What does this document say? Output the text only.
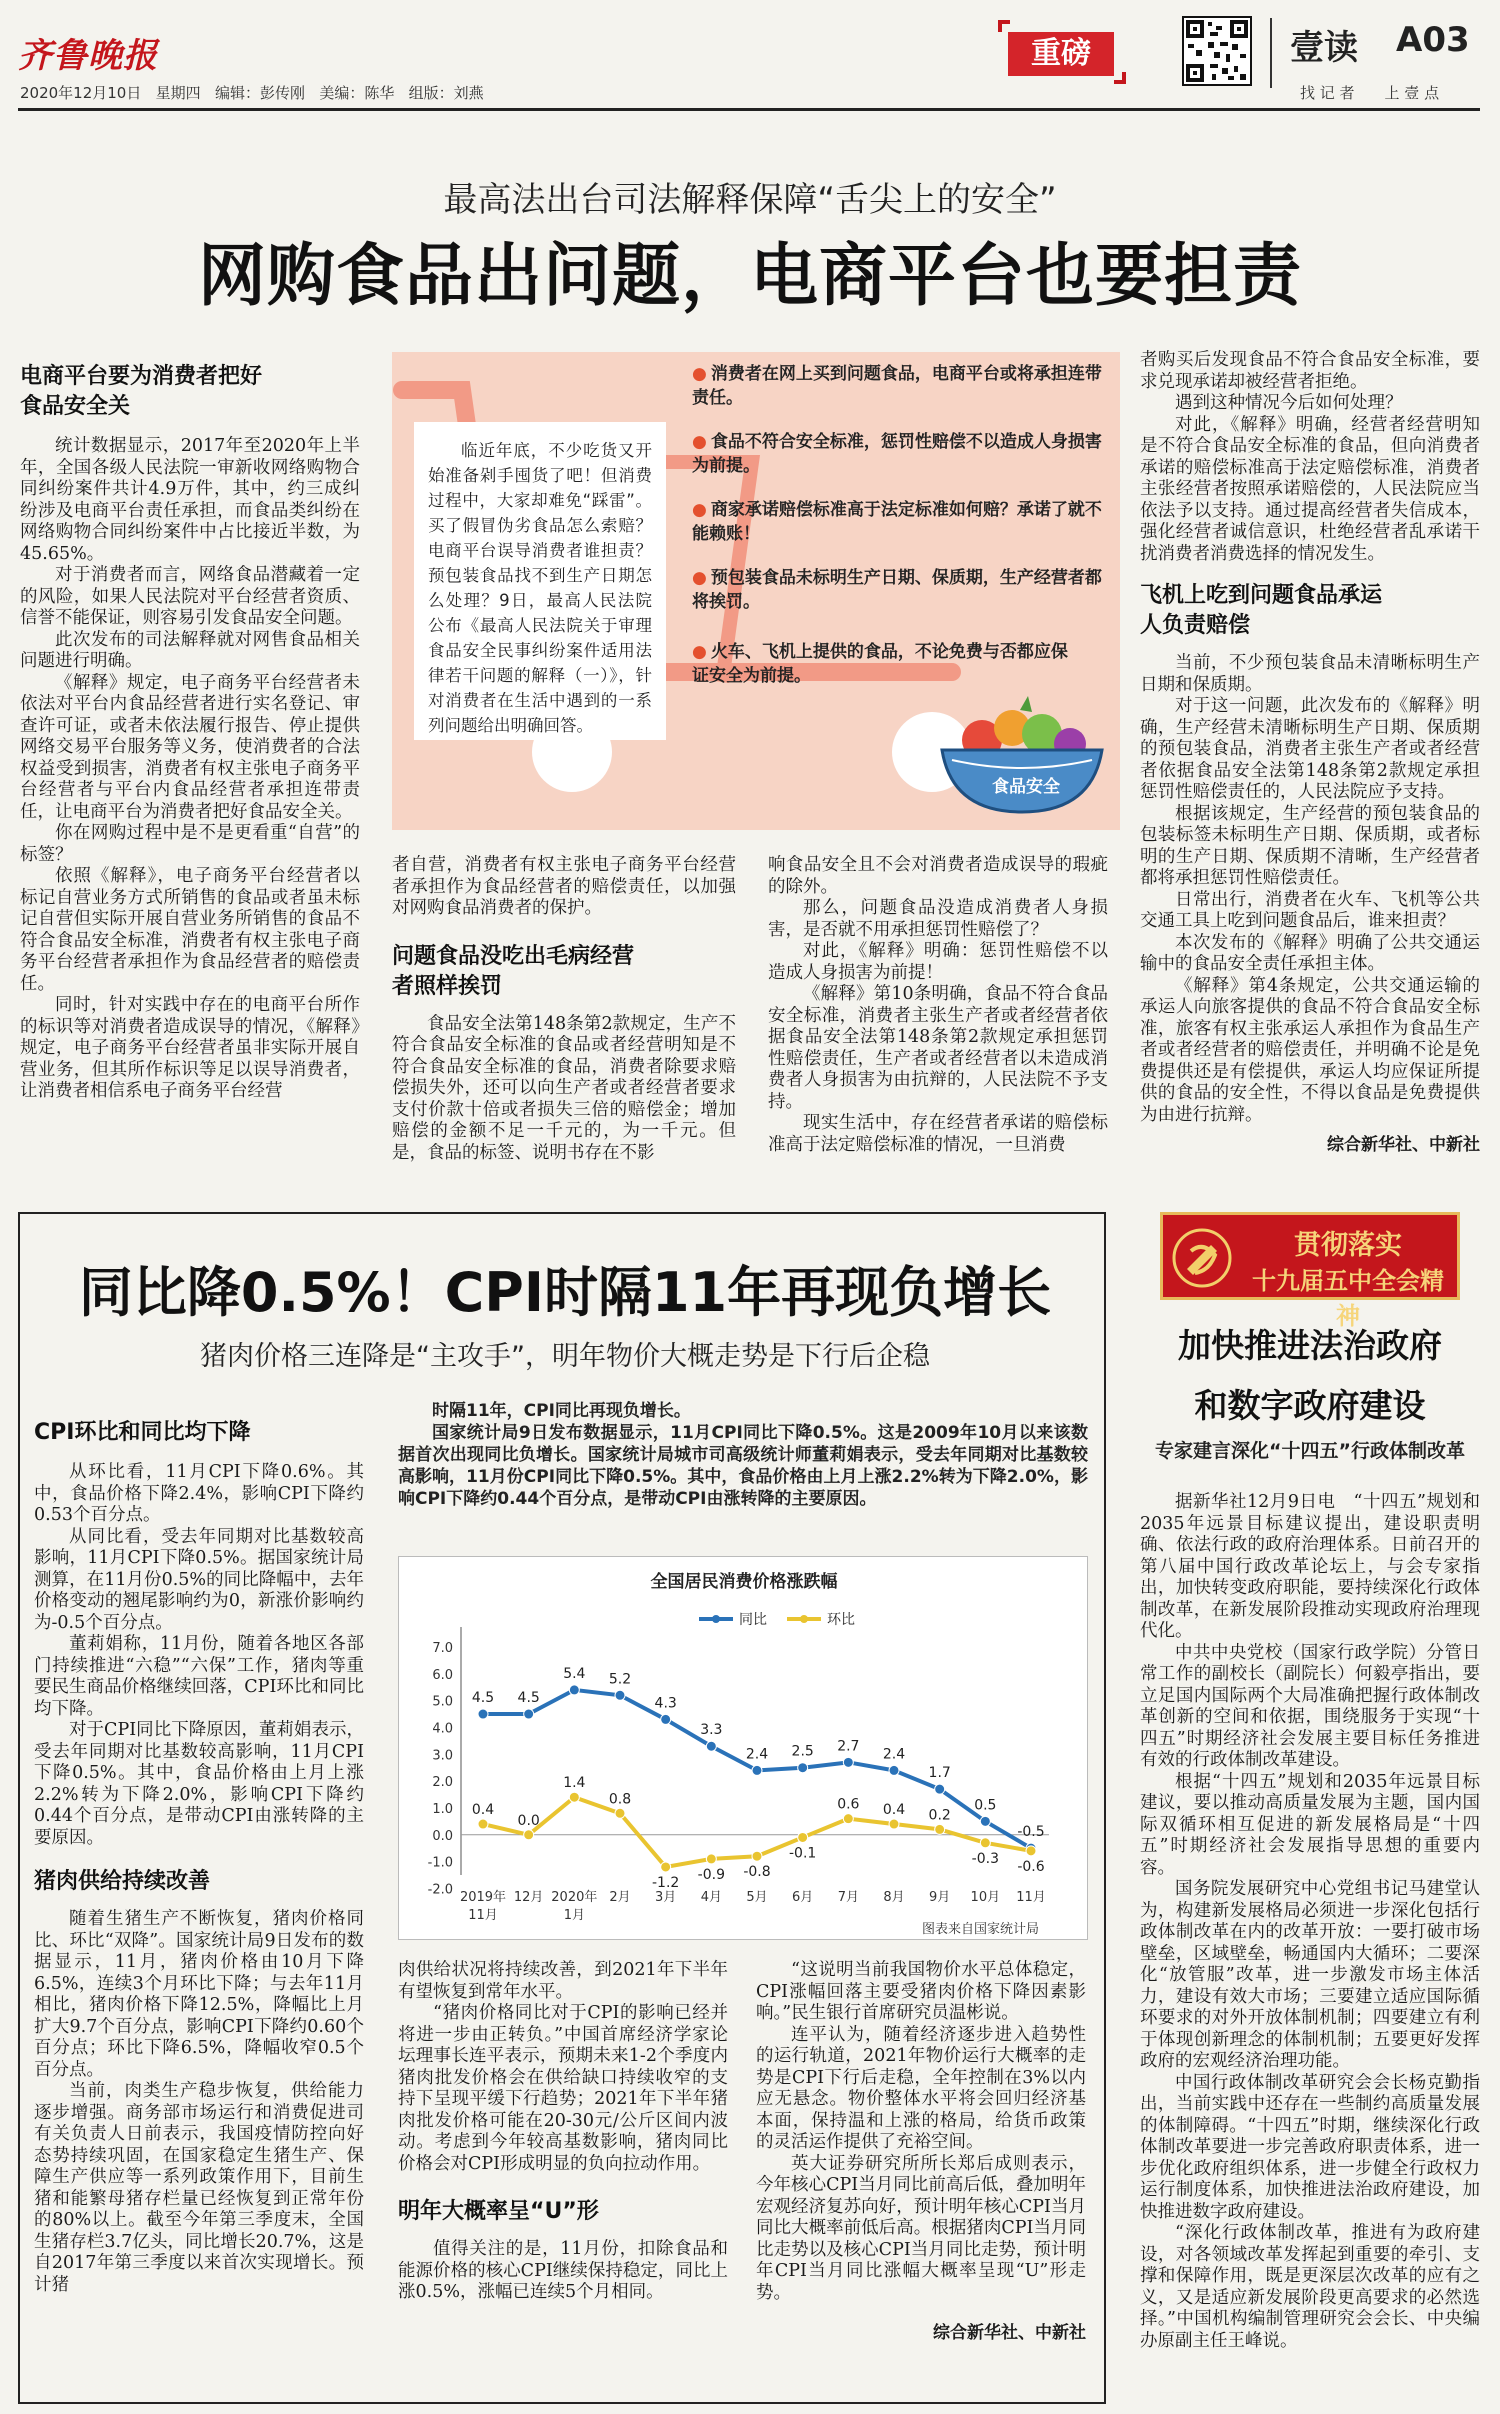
齐鲁晚报
2020年12月10日 星期四 编辑：彭传刚 美编：陈华 组版：刘燕
重磅	壹读 A03
找 记 者　　上 壹 点
最高法出台司法解释保障“舌尖上的安全”
网购食品出问题，电商平台也要担责
电商平台要为消费者把好食品安全关

统计数据显示，2017年至2020年上半年，全国各级人民法院一审新收网络购物合同纠纷案件共计4.9万件，其中，约三成纠纷涉及电商平台责任承担，而食品类纠纷在网络购物合同纠纷案件中占比接近半数，为45.65%。

对于消费者而言，网络食品潜藏着一定的风险，如果人民法院对平台经营者资质、信誉不能保证，则容易引发食品安全问题。

此次发布的司法解释就对网售食品相关问题进行明确。

《解释》规定，电子商务平台经营者未依法对平台内食品经营者进行实名登记、审查许可证，或者未依法履行报告、停止提供网络交易平台服务等义务，使消费者的合法权益受到损害，消费者有权主张电子商务平台经营者与平台内食品经营者承担连带责任，让电商平台为消费者把好食品安全关。

你在网购过程中是不是更看重“自营”的标签？

依照《解释》，电子商务平台经营者以标记自营业务方式所销售的食品或者虽未标记自营但实际开展自营业务所销售的食品不符合食品安全标准，消费者有权主张电子商务平台经营者承担作为食品经营者的赔偿责任。

同时，针对实践中存在的电商平台所作的标识等对消费者造成误导的情况，《解释》规定，电子商务平台经营者虽非实际开展自营业务，但其所作标识等足以误导消费者，让消费者相信系电子商务平台经营

临近年底，不少吃货又开始准备剁手囤货了吧！但消费过程中，大家却难免“踩雷”。买了假冒伪劣食品怎么索赔？电商平台误导消费者谁担责？预包装食品找不到生产日期怎么处理？9日，最高人民法院公布《最高人民法院关于审理食品安全民事纠纷案件适用法律若干问题的解释（一）》，针对消费者在生活中遇到的一系列问题给出明确回答。
● 消费者在网上买到问题食品，电商平台或将承担连带责任。
● 食品不符合安全标准，惩罚性赔偿不以造成人身损害为前提。
● 商家承诺赔偿标准高于法定标准如何赔？承诺了就不能赖账！
● 预包装食品未标明生产日期、保质期，生产经营者都将挨罚。
● 火车、飞机上提供的食品，不论免费与否都应保证安全为前提。
食品安全

者自营，消费者有权主张电子商务平台经营者承担作为食品经营者的赔偿责任，以加强对网购食品消费者的保护。

问题食品没吃出毛病经营者照样挨罚

食品安全法第148条第2款规定，生产不符合食品安全标准的食品或者经营明知是不符合食品安全标准的食品，消费者除要求赔偿损失外，还可以向生产者或者经营者要求支付价款十倍或者损失三倍的赔偿金；增加赔偿的金额不足一千元的，为一千元。但是，食品的标签、说明书存在不影

响食品安全且不会对消费者造成误导的瑕疵的除外。

那么，问题食品没造成消费者人身损害，是否就不用承担惩罚性赔偿了？

对此，《解释》明确：惩罚性赔偿不以造成人身损害为前提！

《解释》第10条明确，食品不符合食品安全标准，消费者主张生产者或者经营者依据食品安全法第148条第2款规定承担惩罚性赔偿责任，生产者或者经营者以未造成消费者人身损害为由抗辩的，人民法院不予支持。

现实生活中，存在经营者承诺的赔偿标准高于法定赔偿标准的情况，一旦消费

者购买后发现食品不符合食品安全标准，要求兑现承诺却被经营者拒绝。

遇到这种情况今后如何处理？

对此，《解释》明确，经营者经营明知是不符合食品安全标准的食品，但向消费者承诺的赔偿标准高于法定赔偿标准，消费者主张经营者按照承诺赔偿的，人民法院应当依法予以支持。通过提高经营者失信成本，强化经营者诚信意识，杜绝经营者乱承诺干扰消费者消费选择的情况发生。

飞机上吃到问题食品承运人负责赔偿

当前，不少预包装食品未清晰标明生产日期和保质期。

对于这一问题，此次发布的《解释》明确，生产经营未清晰标明生产日期、保质期的预包装食品，消费者主张生产者或者经营者依据食品安全法第148条第2款规定承担惩罚性赔偿责任的，人民法院应予支持。

根据该规定，生产经营的预包装食品的包装标签未标明生产日期、保质期，或者标明的生产日期、保质期不清晰，生产经营者都将承担惩罚性赔偿责任。

日常出行，消费者在火车、飞机等公共交通工具上吃到问题食品后，谁来担责？

本次发布的《解释》明确了公共交通运输中的食品安全责任承担主体。

《解释》第4条规定，公共交通运输的承运人向旅客提供的食品不符合食品安全标准，旅客有权主张承运人承担作为食品生产者或者经营者的赔偿责任，并明确不论是免费提供还是有偿提供，承运人均应保证所提供的食品的安全性，不得以食品是免费提供为由进行抗辩。

综合新华社、中新社
同比降0.5%！CPI时隔11年再现负增长
猪肉价格三连降是“主攻手”，明年物价大概走势是下行后企稳
CPI环比和同比均下降

从环比看，11月CPI下降0.6%。其中，食品价格下降2.4%，影响CPI下降约0.53个百分点。

从同比看，受去年同期对比基数较高影响，11月CPI下降0.5%。据国家统计局测算，在11月份0.5%的同比降幅中，去年价格变动的翘尾影响约为0，新涨价影响约为-0.5个百分点。

董莉娟称，11月份，随着各地区各部门持续推进“六稳”“六保”工作，猪肉等重要民生商品价格继续回落，CPI环比和同比均下降。

对于CPI同比下降原因，董莉娟表示，受去年同期对比基数较高影响，11月CPI下降0.5%。其中，食品价格由上月上涨2.2%转为下降2.0%，影响CPI下降约0.44个百分点，是带动CPI由涨转降的主要原因。

猪肉供给持续改善

随着生猪生产不断恢复，猪肉价格同比、环比“双降”。国家统计局9日发布的数据显示，11月，猪肉价格由10月下降6.5%，连续3个月环比下降；与去年11月相比，猪肉价格下降12.5%，降幅比上月扩大9.7个百分点，影响CPI下降约0.60个百分点；环比下降6.5%，降幅收窄0.5个百分点。

当前，肉类生产稳步恢复，供给能力逐步增强。商务部市场运行和消费促进司有关负责人日前表示，我国疫情防控向好态势持续巩固，在国家稳定生猪生产、保障生产供应等一系列政策作用下，目前生猪和能繁母猪存栏量已经恢复到正常年份的80%以上。截至今年第三季度末，全国生猪存栏3.7亿头，同比增长20.7%，这是自2017年第三季度以来首次实现增长。预计猪

时隔11年，CPI同比再现负增长。

国家统计局9日发布数据显示，11月CPI同比下降0.5%。这是2009年10月以来该数据首次出现同比负增长。国家统计局城市司高级统计师董莉娟表示，受去年同期对比基数较高影响，11月份CPI同比下降0.5%。其中，食品价格由上月上涨2.2%转为下降2.0%，影响CPI下降约0.44个百分点，是带动CPI由涨转降的主要原因。

全国居民消费价格涨跌幅
7.0
6.0
5.0
4.0
3.0
2.0
1.0
0.0
-1.0
-2.0
2019年
11月
12月 2020年
1月
2月 3月 4月 5月 6月 7月 8月 9月 10月 11月
4.5 4.5
5.4 5.2
4.3
3.3
2.4 2.5 2.7
2.4
1.7
0.5
-0.5
同比
0.4
0.0
1.4
0.8
-1.2
-0.9 -0.8
-0.1
0.6 0.4 0.2
-0.3
-0.6
环比
图表来自国家统计局

肉供给状况将持续改善，到2021年下半年有望恢复到常年水平。

“猪肉价格同比对于CPI的影响已经并将进一步由正转负。”中国首席经济学家论坛理事长连平表示，预期未来1-2个季度内猪肉批发价格会在供给缺口持续收窄的支持下呈现平缓下行趋势；2021年下半年猪肉批发价格可能在20-30元/公斤区间内波动。考虑到今年较高基数影响，猪肉同比价格会对CPI形成明显的负向拉动作用。

明年大概率呈“U”形

值得关注的是，11月份，扣除食品和能源价格的核心CPI继续保持稳定，同比上涨0.5%，涨幅已连续5个月相同。

“这说明当前我国物价水平总体稳定，CPI涨幅回落主要受猪肉价格下降因素影响。”民生银行首席研究员温彬说。

连平认为，随着经济逐步进入趋势性的运行轨道，2021年物价运行大概率的走势是CPI下行后走稳，全年控制在3%以内应无悬念。物价整体水平将会回归经济基本面，保持温和上涨的格局，给货币政策的灵活运作提供了充裕空间。

英大证券研究所所长郑后成则表示，今年核心CPI当月同比前高后低，叠加明年宏观经济复苏向好，预计明年核心CPI当月同比大概率前低后高。根据猪肉CPI当月同比走势以及核心CPI当月同比走势，预计明年CPI当月同比涨幅大概率呈现“U”形走势。

综合新华社、中新社
贯彻落实
十九届五中全会精神
加快推进法治政府
和数字政府建设
专家建言深化“十四五”行政体制改革

据新华社12月9日电　“十四五”规划和2035年远景目标建议提出，建设职责明确、依法行政的政府治理体系。日前召开的第八届中国行政改革论坛上，与会专家指出，加快转变政府职能，要持续深化行政体制改革，在新发展阶段推动实现政府治理现代化。

中共中央党校（国家行政学院）分管日常工作的副校长（副院长）何毅亭指出，要立足国内国际两个大局准确把握行政体制改革创新的空间和依据，围绕服务于实现“十四五”时期经济社会发展主要目标任务推进有效的行政体制改革建设。

根据“十四五”规划和2035年远景目标建议，要以推动高质量发展为主题，国内国际双循环相互促进的新发展格局是“十四五”时期经济社会发展指导思想的重要内容。

国务院发展研究中心党组书记马建堂认为，构建新发展格局必须进一步深化包括行政体制改革在内的改革开放：一要打破市场壁垒，区域壁垒，畅通国内大循环；二要深化“放管服”改革，进一步激发市场主体活力，建设有效大市场；三要建立适应国际循环要求的对外开放体制机制；四要建立有利于体现创新理念的体制机制；五要更好发挥政府的宏观经济治理功能。

中国行政体制改革研究会会长杨克勤指出，当前实践中还存在一些制约高质量发展的体制障碍。“十四五”时期，继续深化行政体制改革要进一步完善政府职责体系，进一步优化政府组织体系，进一步健全行政权力运行制度体系，加快推进法治政府建设，加快推进数字政府建设。

“深化行政体制改革，推进有为政府建设，对各领域改革发挥起到重要的牵引、支撑和保障作用，既是更深层次改革的应有之义，又是适应新发展阶段更高要求的必然选择。”中国机构编制管理研究会会长、中央编办原副主任王峰说。
